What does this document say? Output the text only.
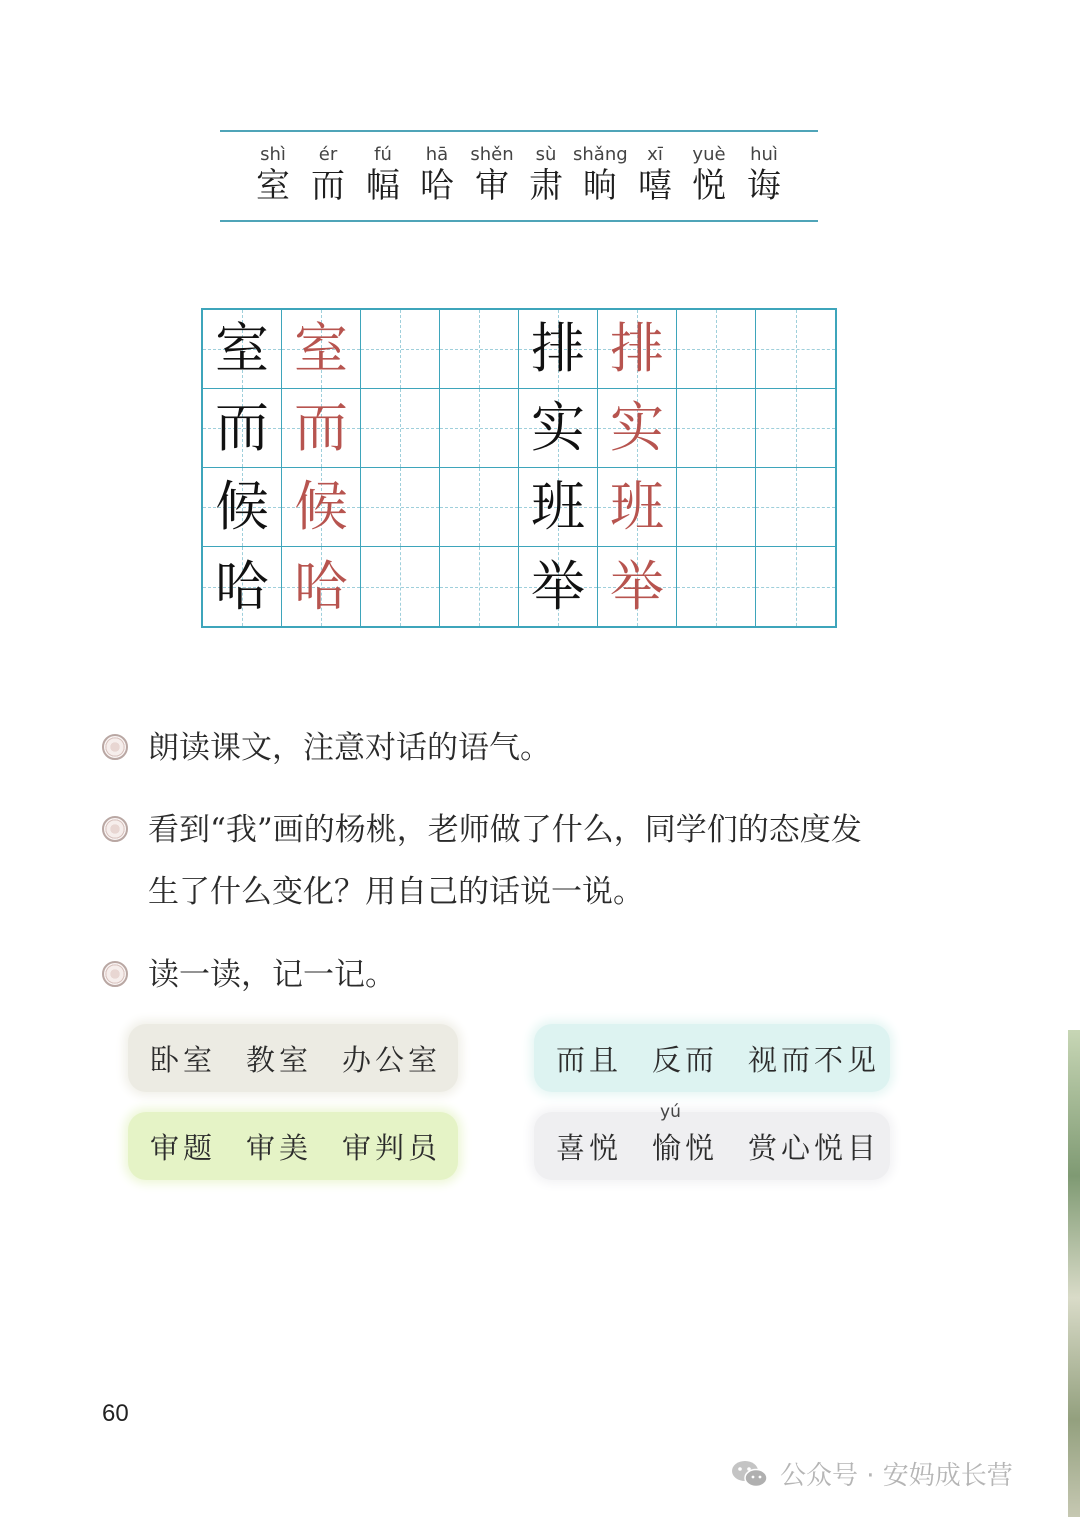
shì
室
ér
而
fú
幅
hā
哈
shěn
审
sù
肃
shǎng
晌
xī
嘻
yuè
悦
huì
诲
室 室	排 排
而 而	实 实
候 候	班 班
哈 哈	举 举
朗读课文，注意对话的语气。
看到“我”画的杨桃，老师做了什么，同学们的态度发
生了什么变化？用自己的话说一说。
读一读，记一记。
卧室 教室 办公室	而且 反而 视而不见
审题 审美 审判员	喜悦
yú
愉悦 赏心悦目
60
公众号 · 安妈成长营
